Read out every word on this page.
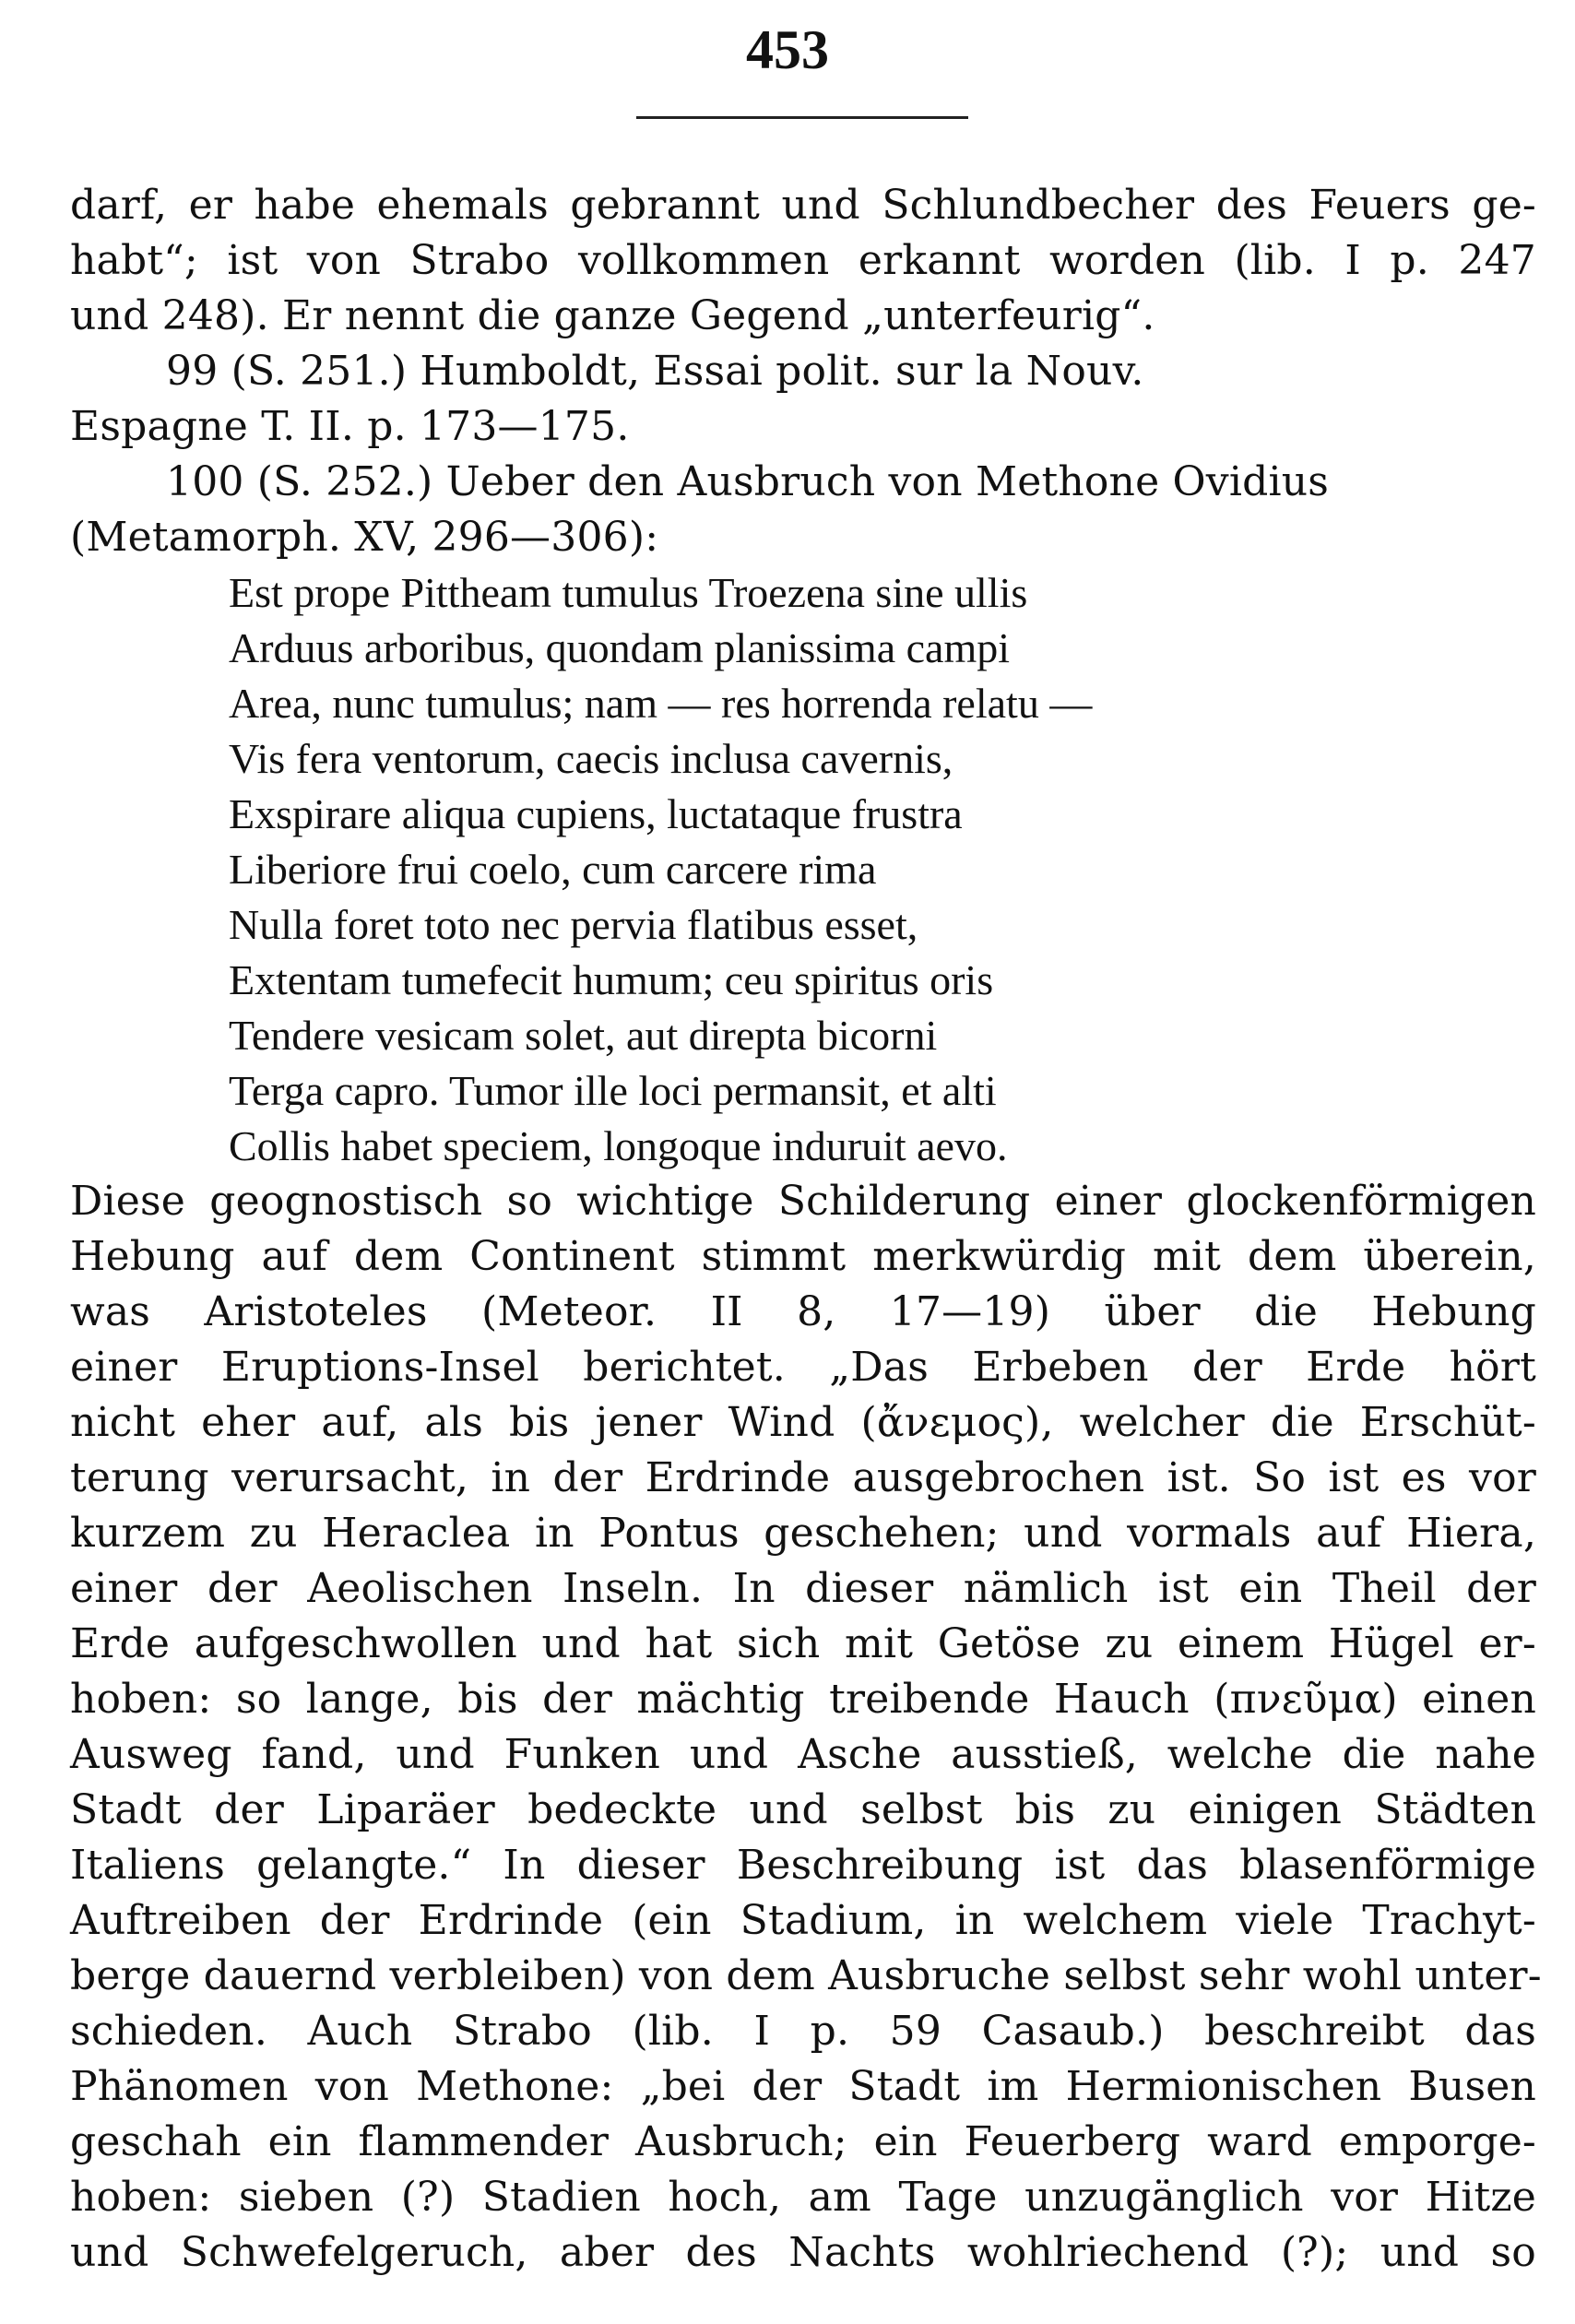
453
darf, er habe ehemals gebrannt und Schlundbecher des Feuers ge-
habt“; ist von Strabo vollkommen erkannt worden (lib. I p. 247
und 248). Er nennt die ganze Gegend „unterfeurig“.
99 (S. 251.) Humboldt, Essai polit. sur la Nouv.
Espagne T. II. p. 173—175.
100 (S. 252.) Ueber den Ausbruch von Methone Ovidius
(Metamorph. XV, 296—306):
Est prope Pittheam tumulus Troezena sine ullis
Arduus arboribus, quondam planissima campi
Area, nunc tumulus; nam — res horrenda relatu —
Vis fera ventorum, caecis inclusa cavernis,
Exspirare aliqua cupiens, luctataque frustra
Liberiore frui coelo, cum carcere rima
Nulla foret toto nec pervia flatibus esset,
Extentam tumefecit humum; ceu spiritus oris
Tendere vesicam solet, aut direpta bicorni
Terga capro. Tumor ille loci permansit, et alti
Collis habet speciem, longoque induruit aevo.
Diese geognostisch so wichtige Schilderung einer glockenförmigen
Hebung auf dem Continent stimmt merkwürdig mit dem überein,
was Aristoteles (Meteor. II 8, 17—19) über die Hebung
einer Eruptions-Insel berichtet. „Das Erbeben der Erde hört
nicht eher auf, als bis jener Wind (ἄνεμος), welcher die Erschüt-
terung verursacht, in der Erdrinde ausgebrochen ist. So ist es vor
kurzem zu Heraclea in Pontus geschehen; und vormals auf Hiera,
einer der Aeolischen Inseln. In dieser nämlich ist ein Theil der
Erde aufgeschwollen und hat sich mit Getöse zu einem Hügel er-
hoben: so lange, bis der mächtig treibende Hauch (πνεῦμα) einen
Ausweg fand, und Funken und Asche ausstieß, welche die nahe
Stadt der Liparäer bedeckte und selbst bis zu einigen Städten
Italiens gelangte.“ In dieser Beschreibung ist das blasenförmige
Auftreiben der Erdrinde (ein Stadium, in welchem viele Trachyt-
berge dauernd verbleiben) von dem Ausbruche selbst sehr wohl unter-
schieden. Auch Strabo (lib. I p. 59 Casaub.) beschreibt das
Phänomen von Methone: „bei der Stadt im Hermionischen Busen
geschah ein flammender Ausbruch; ein Feuerberg ward emporge-
hoben: sieben (?) Stadien hoch, am Tage unzugänglich vor Hitze
und Schwefelgeruch, aber des Nachts wohlriechend (?); und so
